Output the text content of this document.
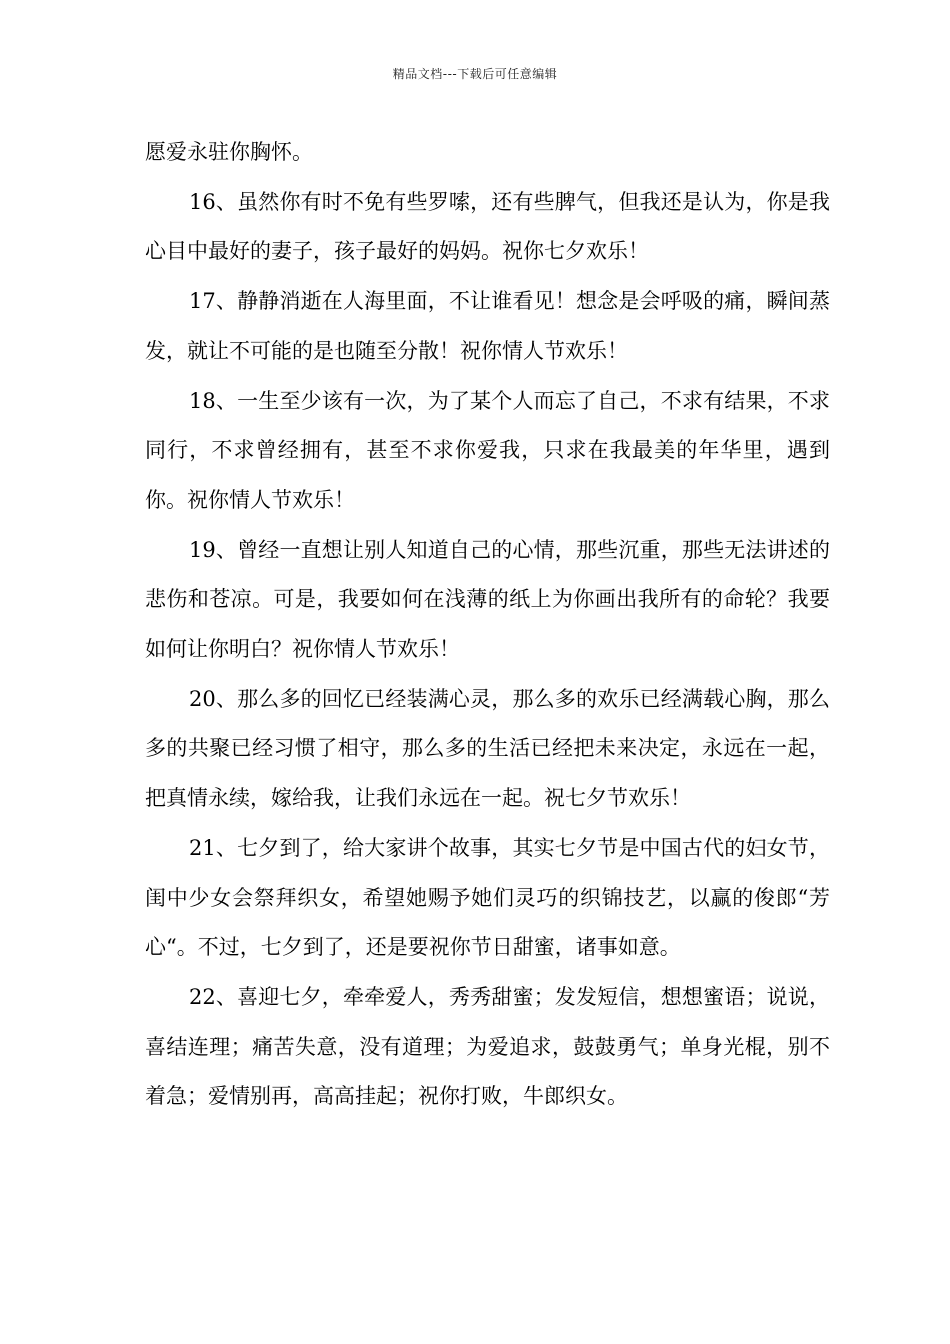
精品文档---下载后可任意编辑

愿爱永驻你胸怀。

16、虽然你有时不免有些罗嗦，还有些脾气，但我还是认为，你是我心目中最好的妻子，孩子最好的妈妈。祝你七夕欢乐！

17、静静消逝在人海里面，不让谁看见！想念是会呼吸的痛，瞬间蒸发，就让不可能的是也随至分散！祝你情人节欢乐！

18、一生至少该有一次，为了某个人而忘了自己，不求有结果，不求同行，不求曾经拥有，甚至不求你爱我，只求在我最美的年华里，遇到你。祝你情人节欢乐！

19、曾经一直想让别人知道自己的心情，那些沉重，那些无法讲述的悲伤和苍凉。可是，我要如何在浅薄的纸上为你画出我所有的命轮？我要如何让你明白？祝你情人节欢乐！

20、那么多的回忆已经装满心灵，那么多的欢乐已经满载心胸，那么多的共聚已经习惯了相守，那么多的生活已经把未来决定，永远在一起，把真情永续，嫁给我，让我们永远在一起。祝七夕节欢乐！

21、七夕到了，给大家讲个故事，其实七夕节是中国古代的妇女节，闺中少女会祭拜织女，希望她赐予她们灵巧的织锦技艺，以赢的俊郎“芳心“。不过，七夕到了，还是要祝你节日甜蜜，诸事如意。

22、喜迎七夕，牵牵爱人，秀秀甜蜜；发发短信，想想蜜语；说说，喜结连理；痛苦失意，没有道理；为爱追求，鼓鼓勇气；单身光棍，别不着急；爱情别再，高高挂起；祝你打败，牛郎织女。
